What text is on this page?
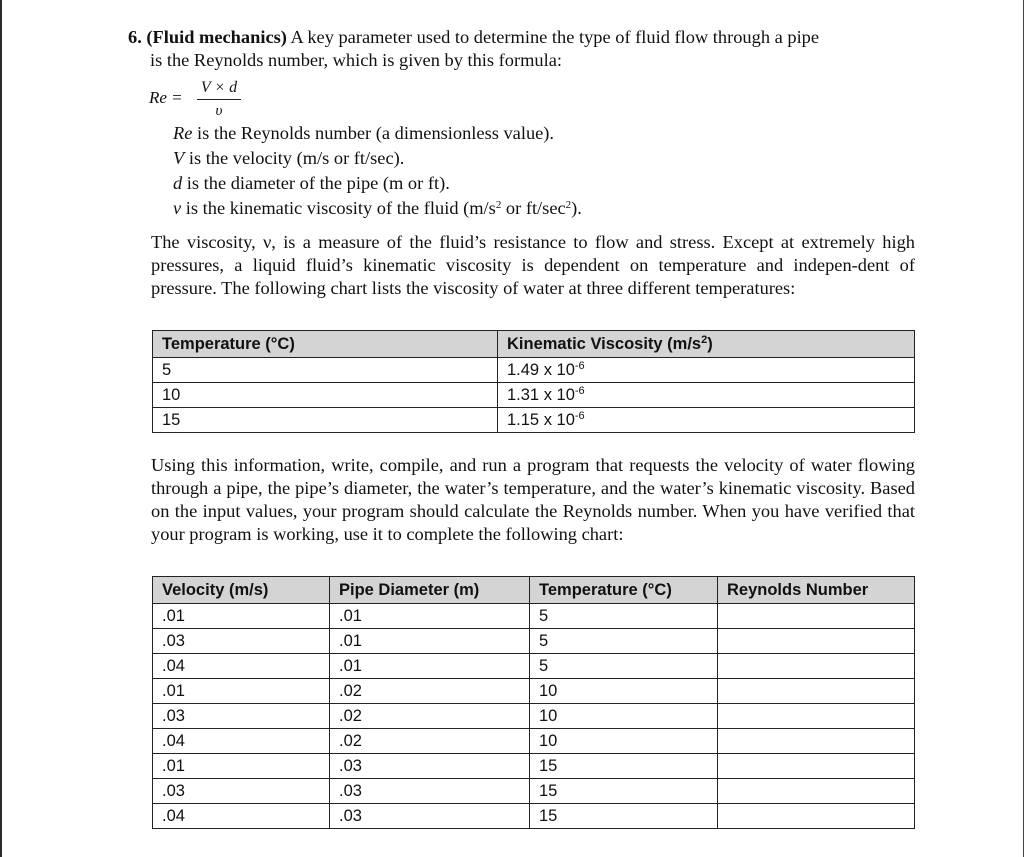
6. (Fluid mechanics) A key parameter used to determine the type of fluid flow through a pipe
is the Reynolds number, which is given by this formula:
Re =
V × d
υ
Re is the Reynolds number (a dimensionless value).
V is the velocity (m/s or ft/sec).
d is the diameter of the pipe (m or ft).
ν is the kinematic viscosity of the fluid ($m/s^2$ or $ft/\sec^2$).
The viscosity, ν, is a measure of the fluid’s resistance to flow and stress. Except at extremely high pressures, a liquid fluid’s kinematic viscosity is dependent on temperature and indepen-dent of pressure. The following chart lists the viscosity of water at three different temperatures:
Temperature (°C)	Kinematic Viscosity $(m/s^2)$
5	1.49 x $10^{-6}$
10	1.31 x $10^{-6}$
15	1.15 x $10^{-6}$
Using this information, write, compile, and run a program that requests the velocity of water flowing through a pipe, the pipe’s diameter, the water’s temperature, and the water’s kinematic viscosity. Based on the input values, your program should calculate the Reynolds number. When you have verified that your program is working, use it to complete the following chart:
Velocity (m/s)	Pipe Diameter (m)	Temperature (°C)	Reynolds Number
.01	.01	5	
.03	.01	5	
.04	.01	5	
.01	.02	10	
.03	.02	10	
.04	.02	10	
.01	.03	15	
.03	.03	15	
.04	.03	15	
